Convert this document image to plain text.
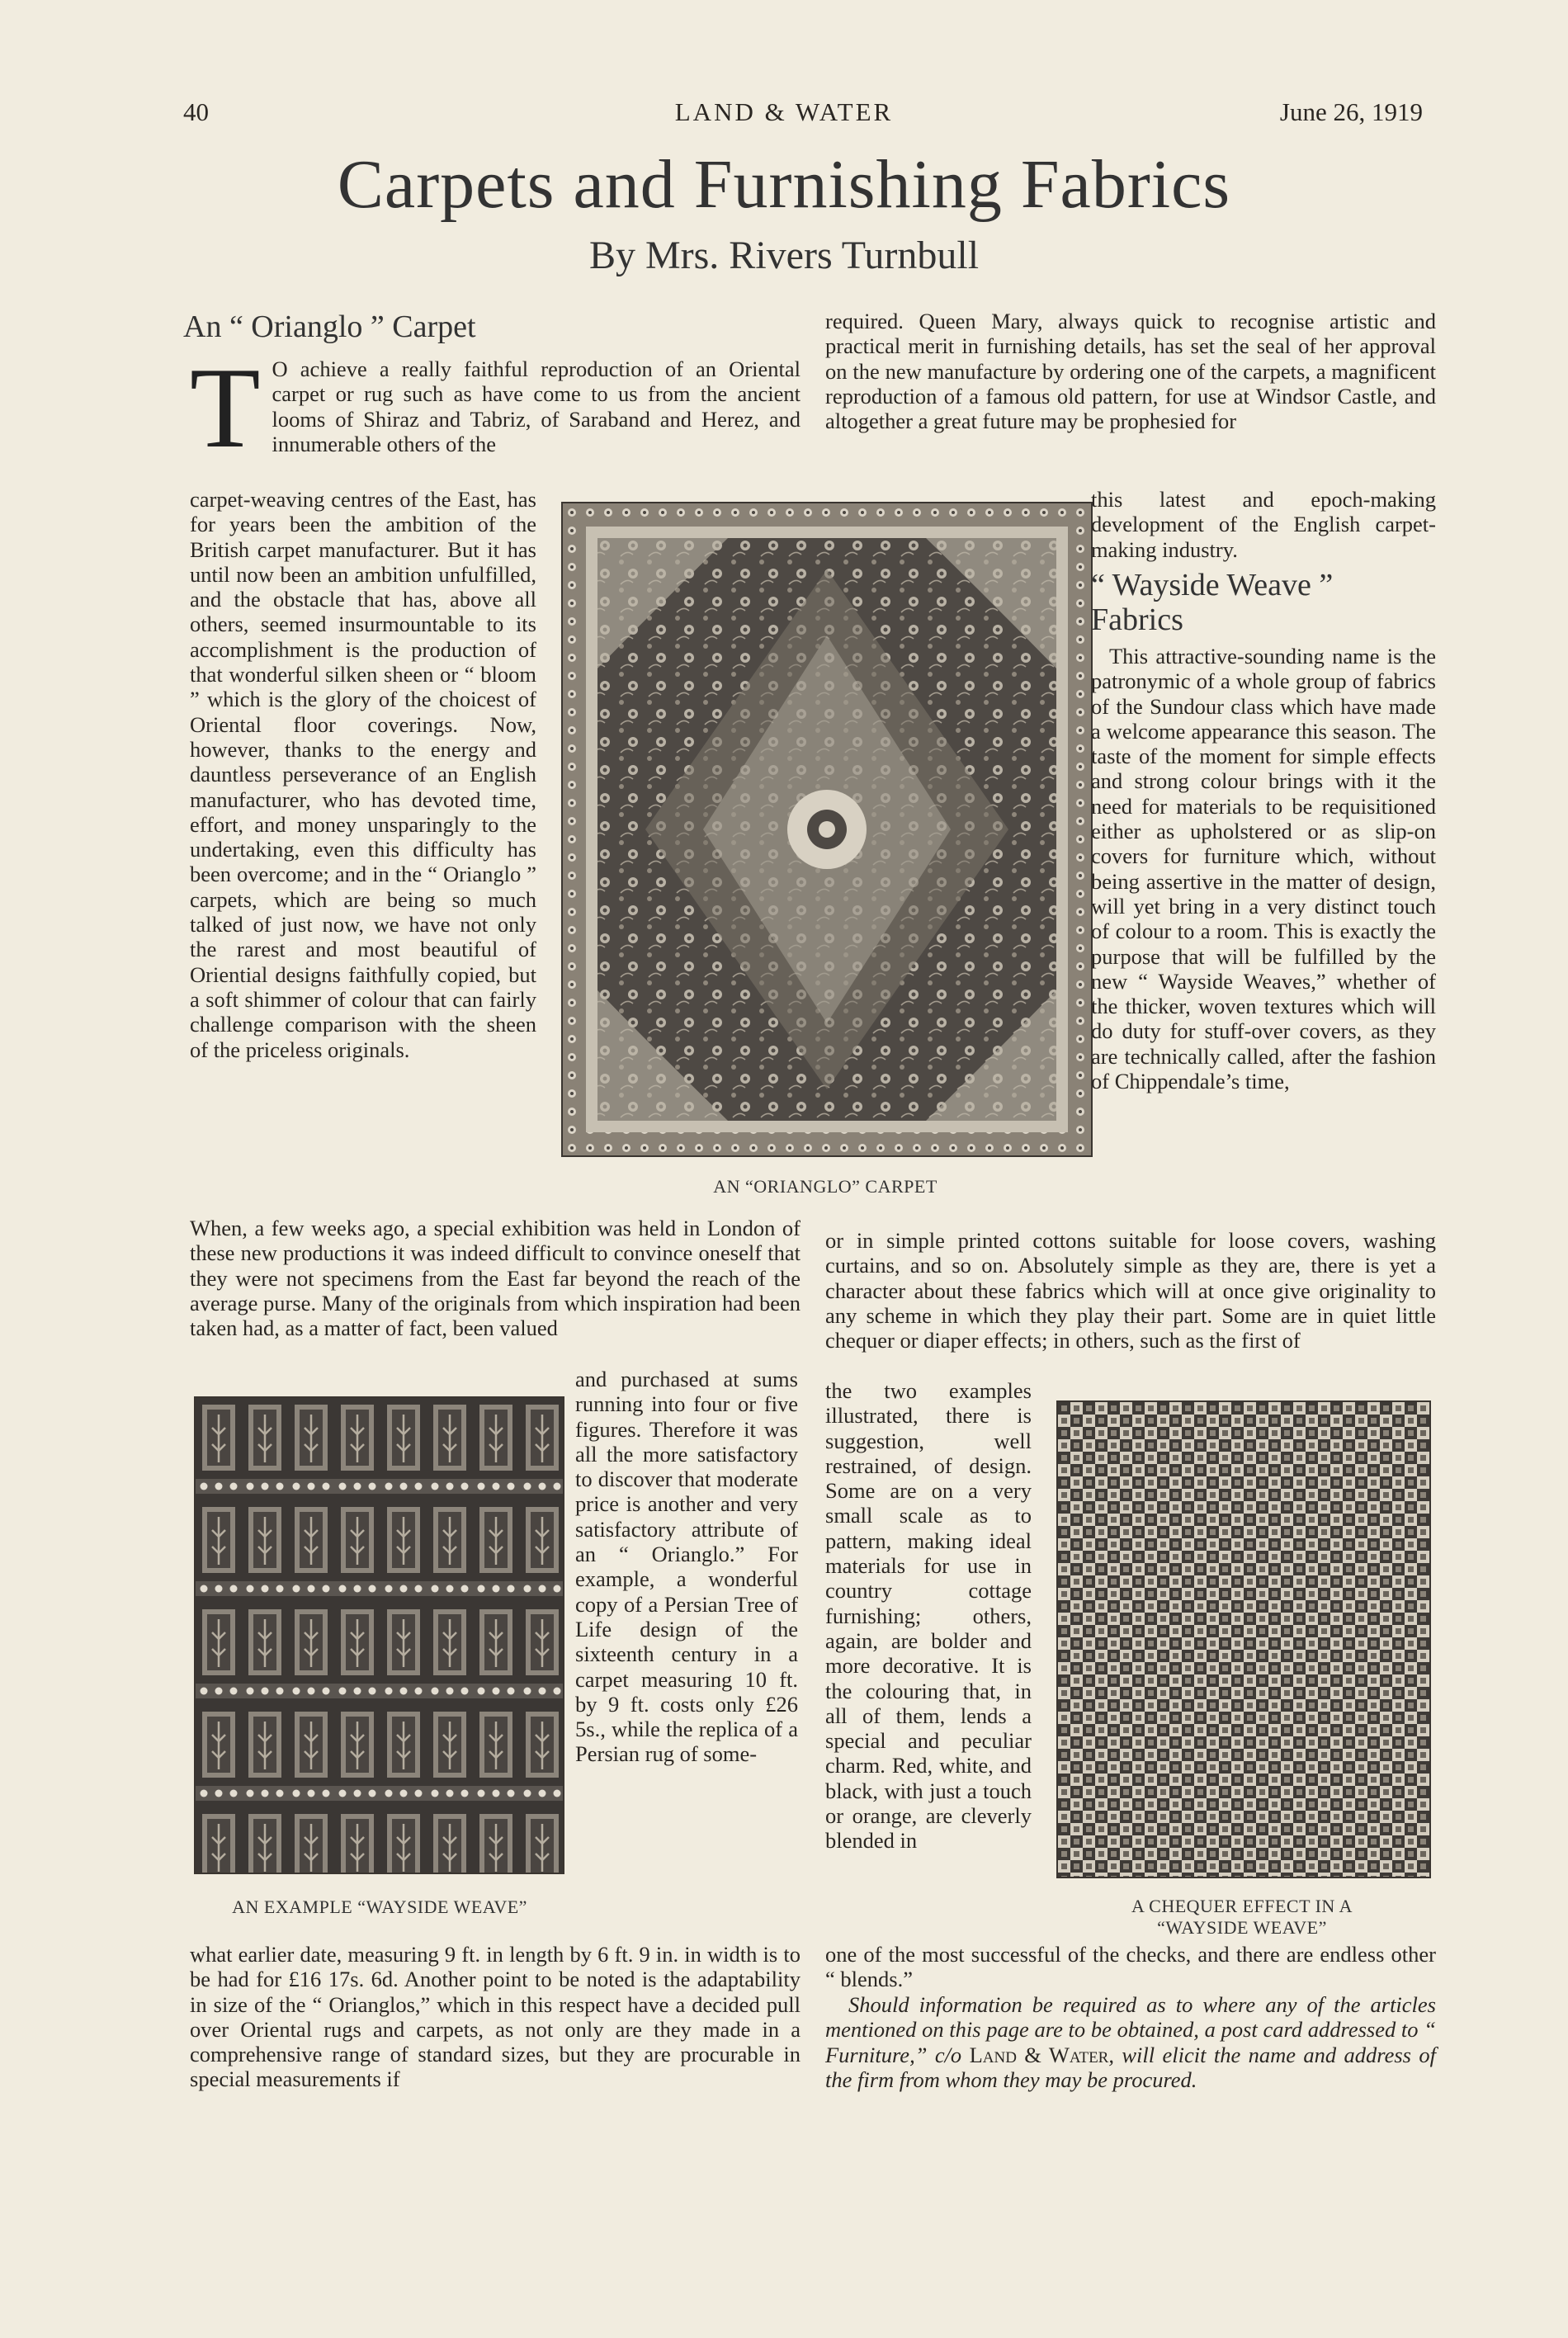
40	LAND & WATER	June 26, 1919
Carpets and Furnishing Fabrics
By Mrs. Rivers Turnbull
An “ Orianglo ” Carpet
T O achieve a really faithful reproduction of an Oriental carpet or rug such as have come to us from the ancient looms of Shiraz and Tabriz, of Saraband and Herez, and innumerable others of the
carpet-weaving centres of the East, has for years been the ambition of the British carpet manufacturer. But it has until now been an ambition unfulfilled, and the obstacle that has, above all others, seemed insurmountable to its accomplishment is the production of that wonderful silken sheen or “ bloom ” which is the glory of the choicest of Oriental floor coverings. Now, however, thanks to the energy and dauntless perseverance of an English manufacturer, who has devoted time, effort, and money unsparingly to the undertaking, even this difficulty has been overcome; and in the “ Orianglo ” carpets, which are being so much talked of just now, we have not only the rarest and most beautiful of Oriential designs faithfully copied, but a soft shimmer of colour that can fairly challenge comparison with the sheen of the priceless originals.
AN “ORIANGLO” CARPET
When, a few weeks ago, a special exhibition was held in London of these new productions it was indeed difficult to convince oneself that they were not specimens from the East far beyond the reach of the average purse. Many of the originals from which inspiration had been taken had, as a matter of fact, been valued
AN EXAMPLE “WAYSIDE WEAVE”
and purchased at sums running into four or five figures. Therefore it was all the more satisfactory to discover that moderate price is another and very satisfactory attribute of an “ Orianglo.” For example, a wonderful copy of a Persian Tree of Life design of the sixteenth century in a carpet measuring 10 ft. by 9 ft. costs only £26 5s., while the replica of a Persian rug of some-
what earlier date, measuring 9 ft. in length by 6 ft. 9 in. in width is to be had for £16 17s. 6d. Another point to be noted is the adaptability in size of the “ Orianglos,” which in this respect have a decided pull over Oriental rugs and carpets, as not only are they made in a comprehensive range of standard sizes, but they are procurable in special measurements if
required. Queen Mary, always quick to recognise artistic and practical merit in furnishing details, has set the seal of her approval on the new manufacture by ordering one of the carpets, a magnificent reproduction of a famous old pattern, for use at Windsor Castle, and altogether a great future may be prophesied for
this latest and epoch-making development of the English carpet-making industry.
“ Wayside Weave ”
Fabrics
This attractive-sounding name is the patronymic of a whole group of fabrics of the Sundour class which have made a welcome appearance this season. The taste of the moment for simple effects and strong colour brings with it the need for materials to be requisitioned either as upholstered or as slip-on covers for furniture which, without being assertive in the matter of design, will yet bring in a very distinct touch of colour to a room. This is exactly the purpose that will be fulfilled by the new “ Wayside Weaves,” whether of the thicker, woven textures which will do duty for stuff-over covers, as they are technically called, after the fashion of Chippendale’s time,
or in simple printed cottons suitable for loose covers, washing curtains, and so on. Absolutely simple as they are, there is yet a character about these fabrics which will at once give originality to any scheme in which they play their part. Some are in quiet little chequer or diaper effects; in others, such as the first of
the two examples illustrated, there is suggestion, well restrained, of design. Some are on a very small scale as to pattern, making ideal materials for use in country cottage furnishing; others, again, are bolder and more decorative. It is the colouring that, in all of them, lends a special and peculiar charm. Red, white, and black, with just a touch or orange, are cleverly blended in
A CHEQUER EFFECT IN A
“WAYSIDE WEAVE”
one of the most successful of the checks, and there are endless other “ blends.”
Should information be required as to where any of the articles mentioned on this page are to be obtained, a post card addressed to “ Furniture,” c/o Land & Water, will elicit the name and address of the firm from whom they may be procured.
